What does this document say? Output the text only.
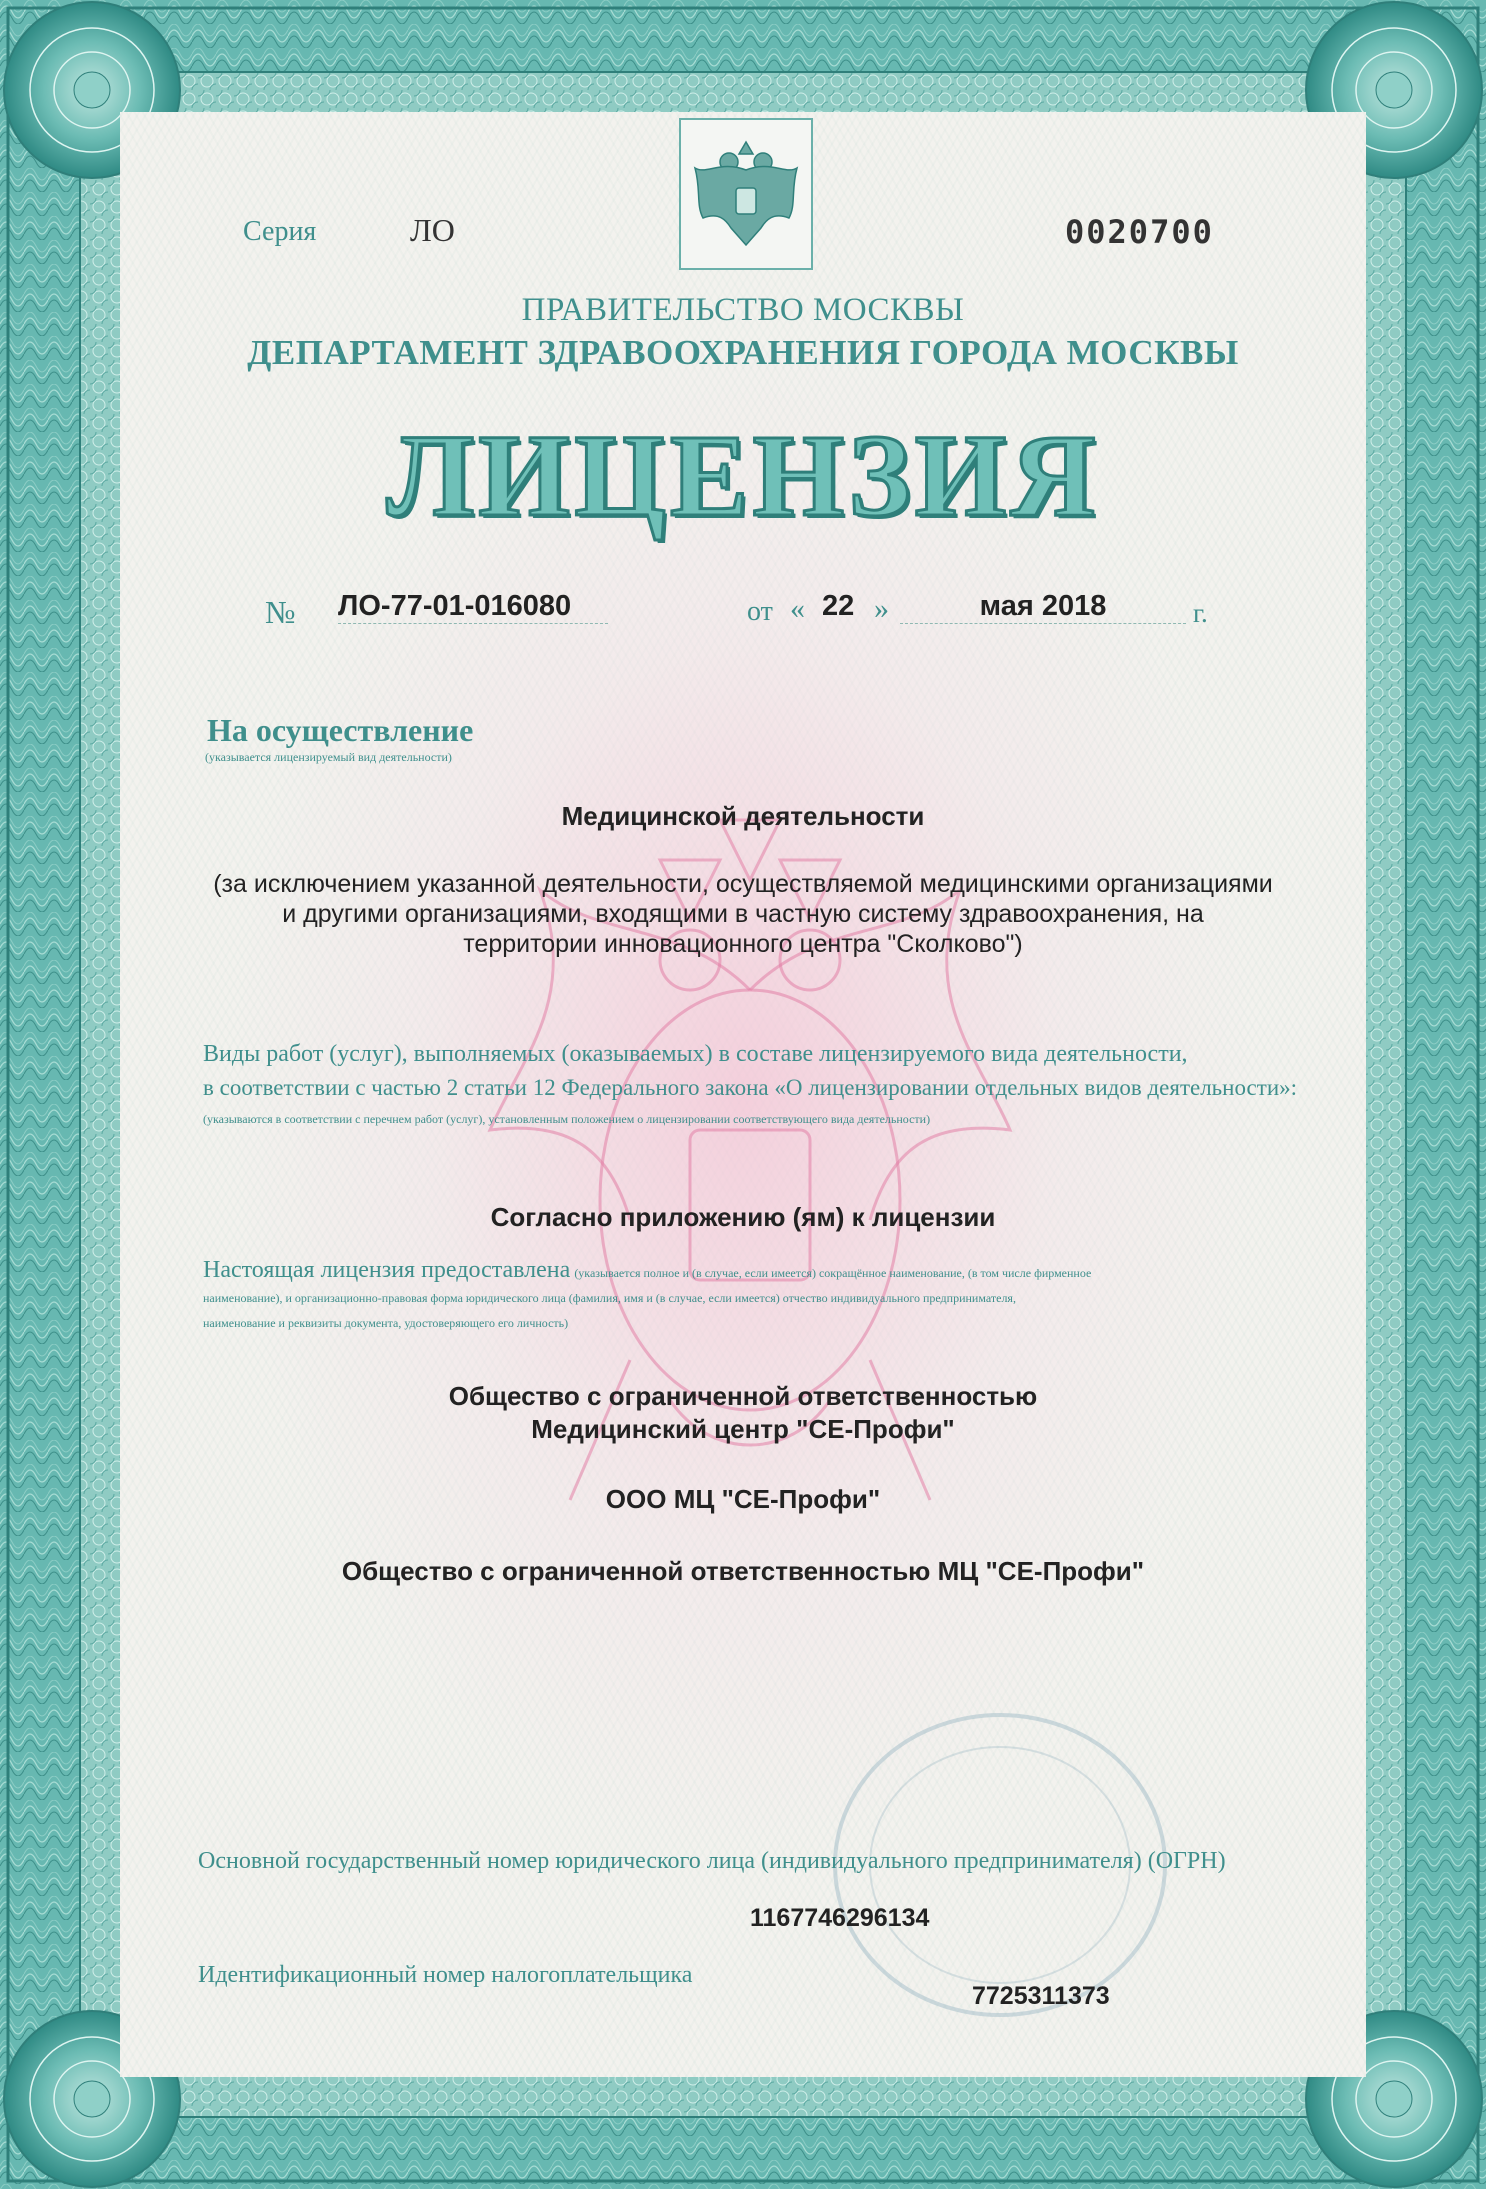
Серия	ЛО	0020700
ПРАВИТЕЛЬСТВО МОСКВЫ
ДЕПАРТАМЕНТ ЗДРАВООХРАНЕНИЯ ГОРОДА МОСКВЫ
ЛИЦЕНЗИЯ
№ ЛО-77-01-016080	от « 22 »	мая 2018	г.
На осуществление
(указывается лицензируемый вид деятельности)
Медицинской деятельности
(за исключением указанной деятельности, осуществляемой медицинскими организациями
и другими организациями, входящими в частную систему здравоохранения, на
территории инновационного центра "Сколково")
Виды работ (услуг), выполняемых (оказываемых) в составе лицензируемого вида деятельности,
в соответствии с частью 2 статьи 12 Федерального закона «О лицензировании отдельных видов деятельности»:
(указываются в соответствии с перечнем работ (услуг), установленным положением о лицензировании соответствующего вида деятельности)
Согласно приложению (ям) к лицензии
Настоящая лицензия предоставлена (указывается полное и (в случае, если имеется) сокращённое наименование, (в том числе фирменное
наименование), и организационно-правовая форма юридического лица (фамилия, имя и (в случае, если имеется) отчество индивидуального предпринимателя,
наименование и реквизиты документа, удостоверяющего его личность)
Общество с ограниченной ответственностью
Медицинский центр "СЕ-Профи"
ООО МЦ "СЕ-Профи"
Общество с ограниченной ответственностью МЦ "СЕ-Профи"
Основной государственный номер юридического лица (индивидуального предпринимателя) (ОГРН)
1167746296134
Идентификационный номер налогоплательщика
7725311373
